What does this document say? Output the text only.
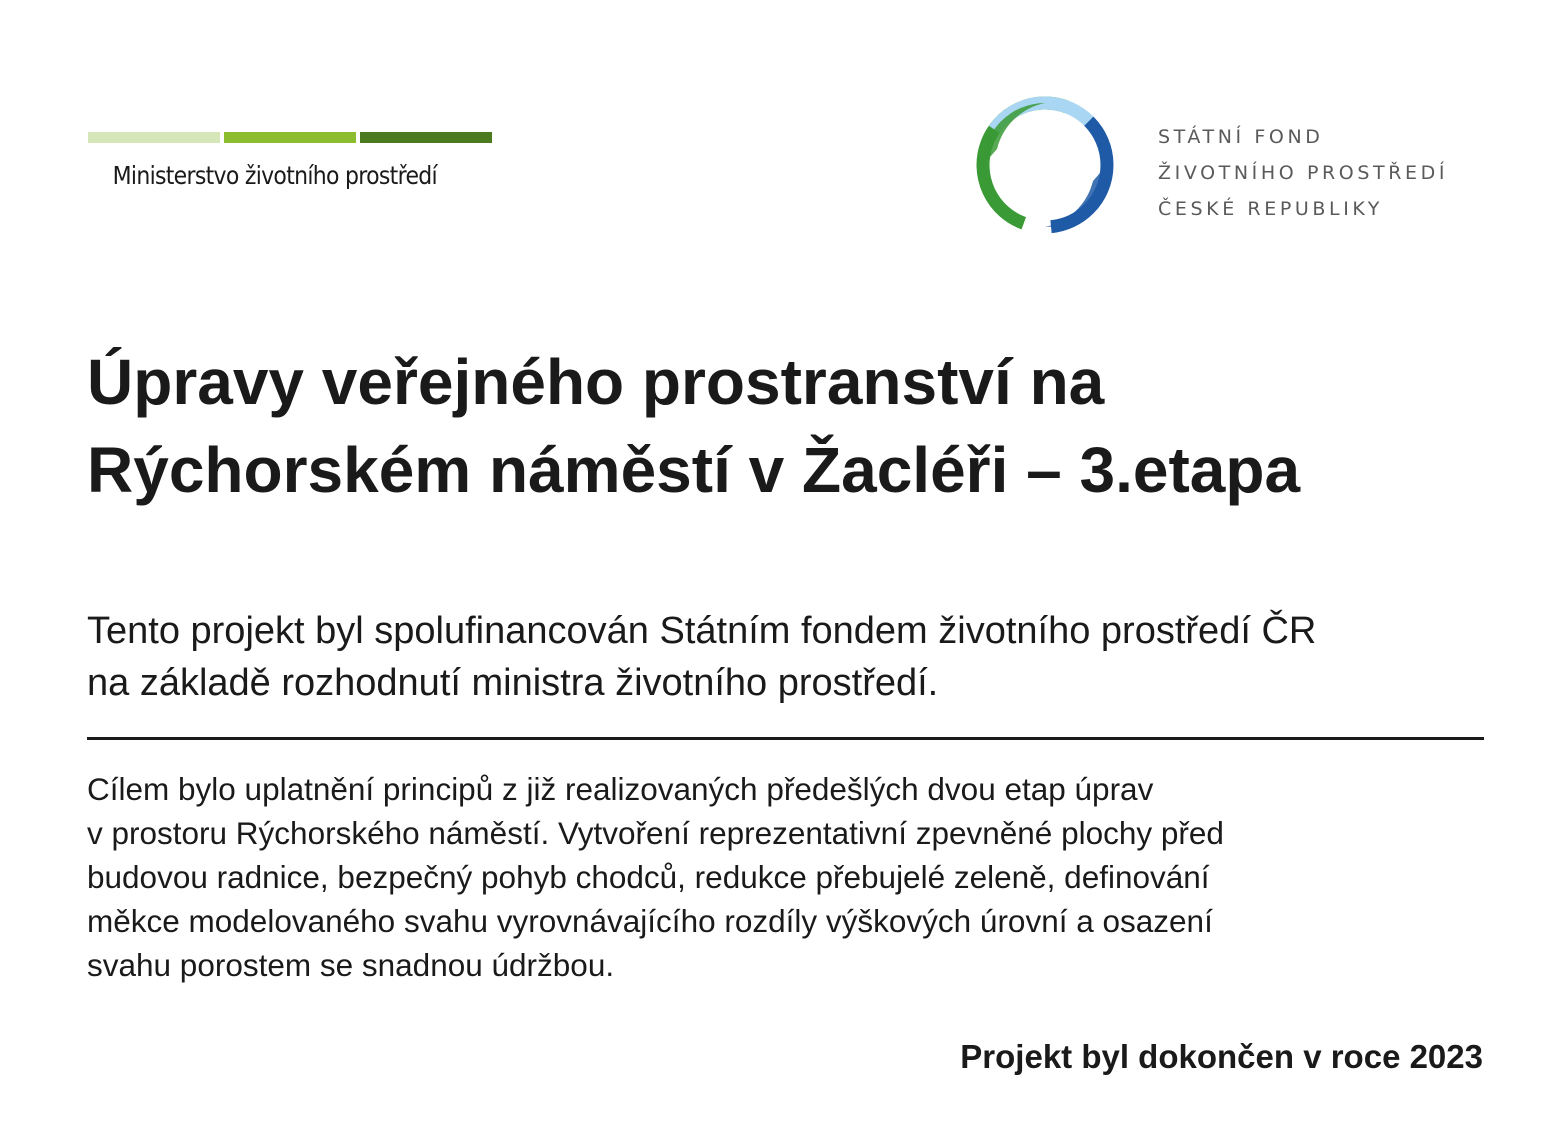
Ministerstvo životního prostředí
STÁTNÍ FOND
ŽIVOTNÍHO PROSTŘEDÍ
ČESKÉ REPUBLIKY
Úpravy veřejného prostranství na
Rýchorském náměstí v Žacléři – 3.etapa
Tento projekt byl spolufinancován Státním fondem životního prostředí ČR
na základě rozhodnutí ministra životního prostředí.
Cílem bylo uplatnění principů z již realizovaných předešlých dvou etap úprav
v prostoru Rýchorského náměstí. Vytvoření reprezentativní zpevněné plochy před
budovou radnice, bezpečný pohyb chodců, redukce přebujelé zeleně, definování
měkce modelovaného svahu vyrovnávajícího rozdíly výškových úrovní a osazení
svahu porostem se snadnou údržbou.
Projekt byl dokončen v roce 2023
